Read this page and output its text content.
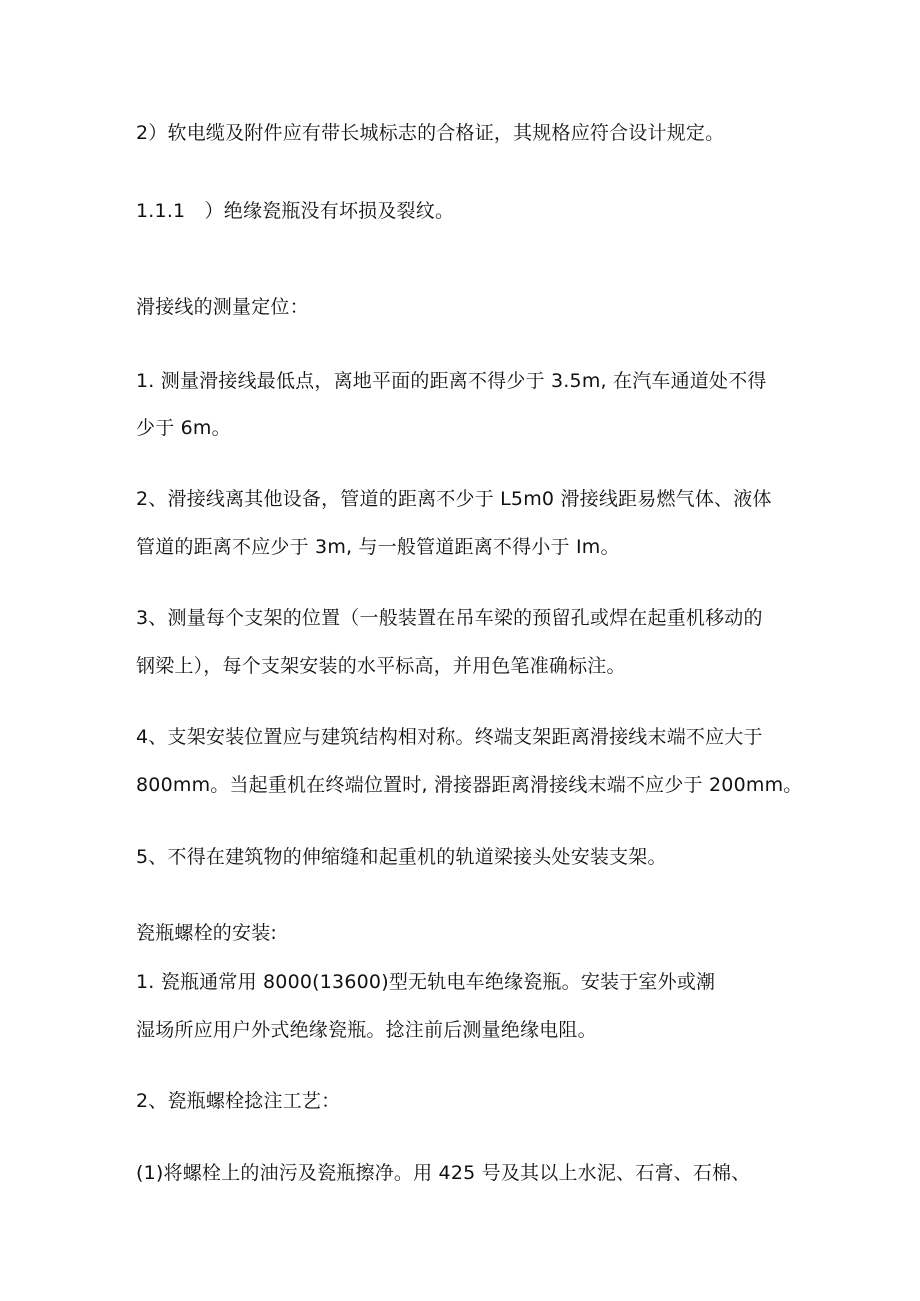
2）软电缆及附件应有带长城标志的合格证，其规格应符合设计规定。
1.1.1　）绝缘瓷瓶没有坏损及裂纹。
滑接线的测量定位：
1. 测量滑接线最低点，离地平面的距离不得少于 3.5m, 在汽车通道处不得
少于 6m。
2、滑接线离其他设备，管道的距离不少于 L5m0 滑接线距易燃气体、液体
管道的距离不应少于 3m, 与一般管道距离不得小于 Im。
3、测量每个支架的位置（一般装置在吊车梁的预留孔或焊在起重机移动的
钢梁上），每个支架安装的水平标高，并用色笔准确标注。
4、支架安装位置应与建筑结构相对称。终端支架距离滑接线末端不应大于
800mm。当起重机在终端位置时, 滑接器距离滑接线末端不应少于 200mm。
5、不得在建筑物的伸缩缝和起重机的轨道梁接头处安装支架。
瓷瓶螺栓的安装:
1. 瓷瓶通常用 8000(13600)型无轨电车绝缘瓷瓶。安装于室外或潮
湿场所应用户外式绝缘瓷瓶。捻注前后测量绝缘电阻。
2、瓷瓶螺栓捻注工艺：
(1)将螺栓上的油污及瓷瓶擦净。用 425 号及其以上水泥、石膏、石棉、
